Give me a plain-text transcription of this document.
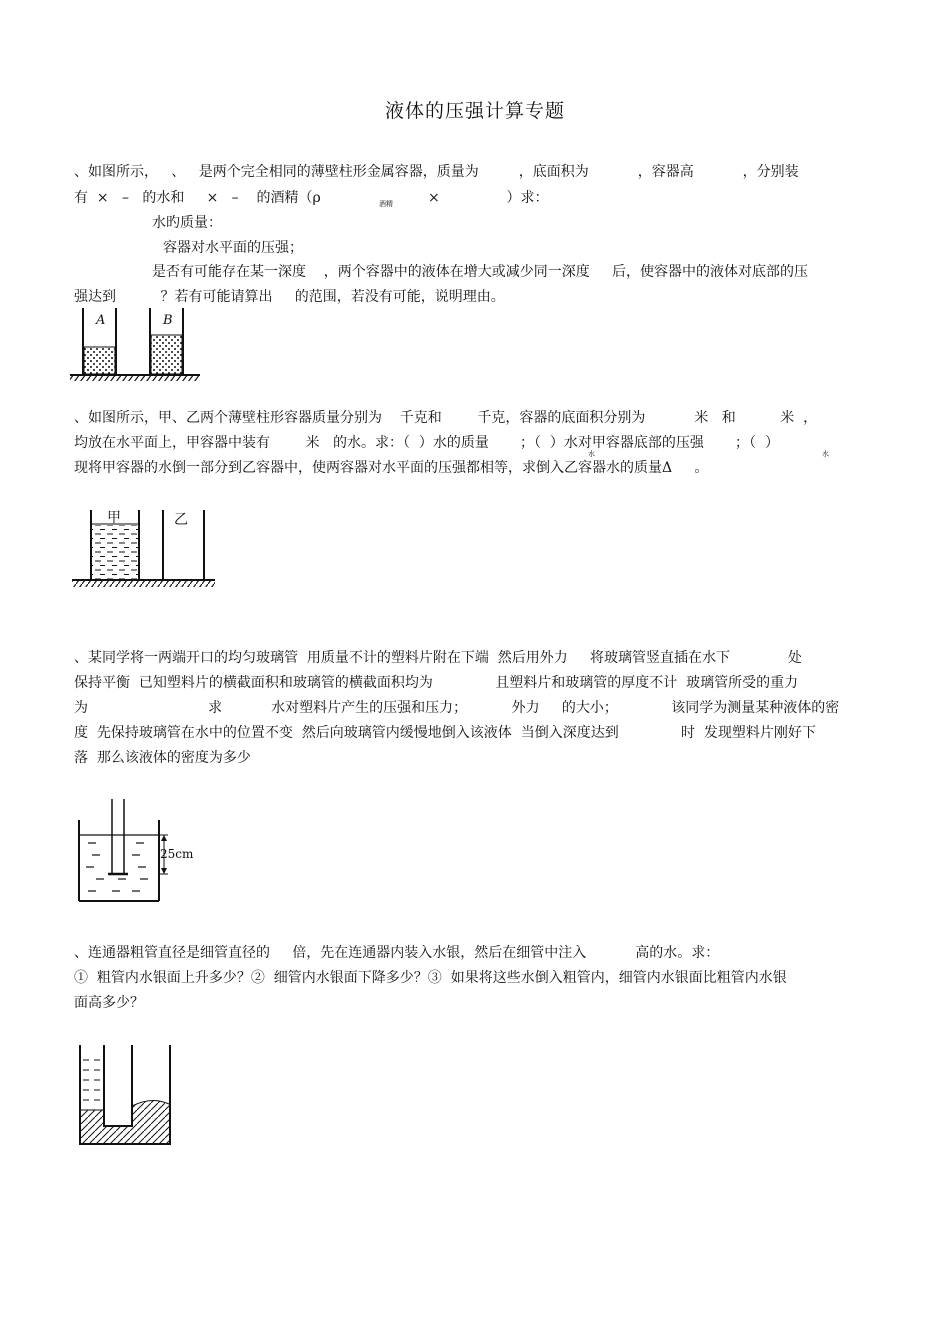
液体的压强计算专题
、如图所示，   、   是两个完全相同的薄壁柱形金属容器，质量为         ，底面积为           ，容器高           ，分别装
有  ×   –   的水和     ×   –    的酒精（ρ	酒精	×               ）求：
水旳质量：
容器对水平面的压强；
是否有可能存在某一深度    ，两个容器中的液体在增大或减少同一深度     后，使容器中的液体对底部的压
强达到          ？若有可能请算出     的范围，若没有可能，说明理由。
A	B
、如图所示，甲、乙两个薄壁柱形容器质量分别为    千克和        千克，容器的底面积分别为           米   和          米  ，
均放在水平面上，甲容器中装有        米   的水。求：（  ）水的质量       ；（  ）水对甲容器底部的压强       ；（  ）
水	水
现将甲容器的水倒一部分到乙容器中，使两容器对水平面的压强都相等，求倒入乙容器水的质量Δ     。
甲	乙
、某同学将一两端开口的均匀玻璃管  用质量不计的塑料片附在下端  然后用外力     将玻璃管竖直插在水下             处
保持平衡  已知塑料片的横截面积和玻璃管的横截面积均为              且塑料片和玻璃管的厚度不计  玻璃管所受的重力
为                           求           水对塑料片产生的压强和压力；          外力     的大小；            该同学为测量某种液体的密
度  先保持玻璃管在水中的位置不变  然后向玻璃管内缓慢地倒入该液体  当倒入深度达到              时  发现塑料片刚好下
落  那么该液体的密度为多少
25cm
、连通器粗管直径是细管直径的     倍，先在连通器内装入水银，然后在细管中注入           高的水。求：
①  粗管内水银面上升多少？②  细管内水银面下降多少？③  如果将这些水倒入粗管内，细管内水银面比粗管内水银
面高多少？
